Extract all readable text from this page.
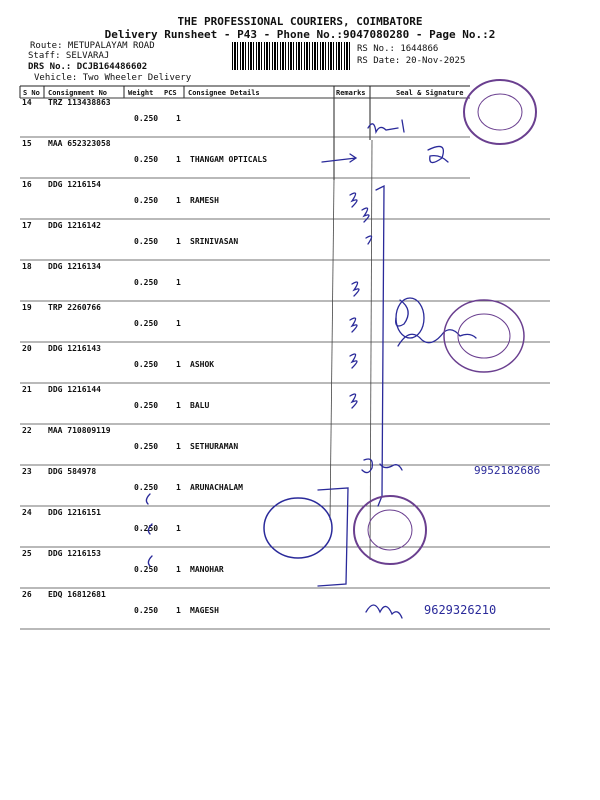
THE PROFESSIONAL COURIERS, COIMBATORE
Delivery Runsheet - P43 - Phone No.:9047080280 - Page No.:2
Route: METUPALAYAM ROAD
Staff: SELVARAJ
DRS No.: DCJB164486602
Vehicle: Two Wheeler Delivery
RS No.: 1644866
RS Date: 20-Nov-2025
S No Consignment No	Weight PCS Consignee Details	Remarks	Seal & Signature
14 TRZ 113438863
0.250 1
15 MAA 652323058
0.250 1 THANGAM OPTICALS
16 DDG 1216154
0.250 1 RAMESH
17 DDG 1216142
0.250 1 SRINIVASAN
18 DDG 1216134
0.250 1
19 TRP 2260766
0.250 1
20 DDG 1216143
0.250 1 ASHOK
21 DDG 1216144
0.250 1 BALU
22 MAA 710809119
0.250 1 SETHURAMAN
23 DDG 584978
0.250 1 ARUNACHALAM
24 DDG 1216151
0.250 1
25 DDG 1216153
0.250 1 MANOHAR
26 EDQ 16812681
0.250 1 MAGESH
9952182686
9629326210
